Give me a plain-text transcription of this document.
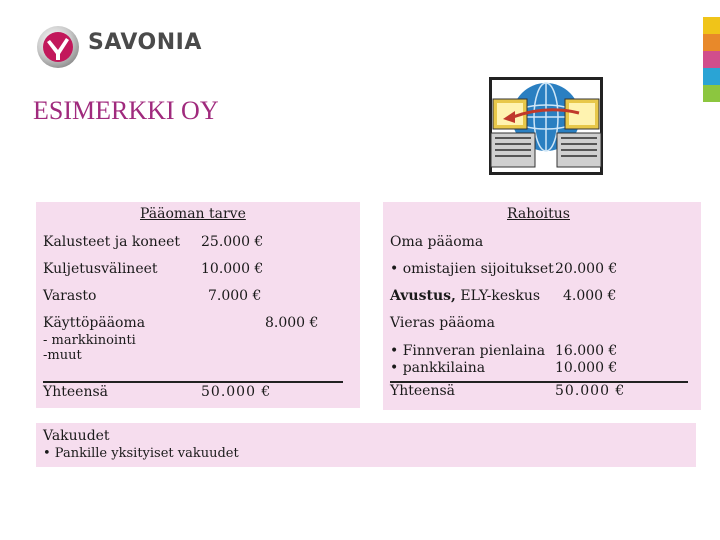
SAVONIA
ESIMERKKI OY
Pääoman tarve
Kalusteet ja koneet 25.000 €
Kuljetusvälineet	10.000 €
Varasto	7.000 €
Käyttöpääoma	8.000 €
- markkinointi
-muut
Yhteensä	50.000 €
Rahoitus
Oma pääoma
• omistajien sijoitukset 20.000 €
Avustus, ELY-keskus 4.000 €
Vieras pääoma
• Finnveran pienlaina 16.000 €
• pankkilaina	10.000 €
Yhteensä	50.000 €
Vakuudet
• Pankille yksityiset vakuudet
